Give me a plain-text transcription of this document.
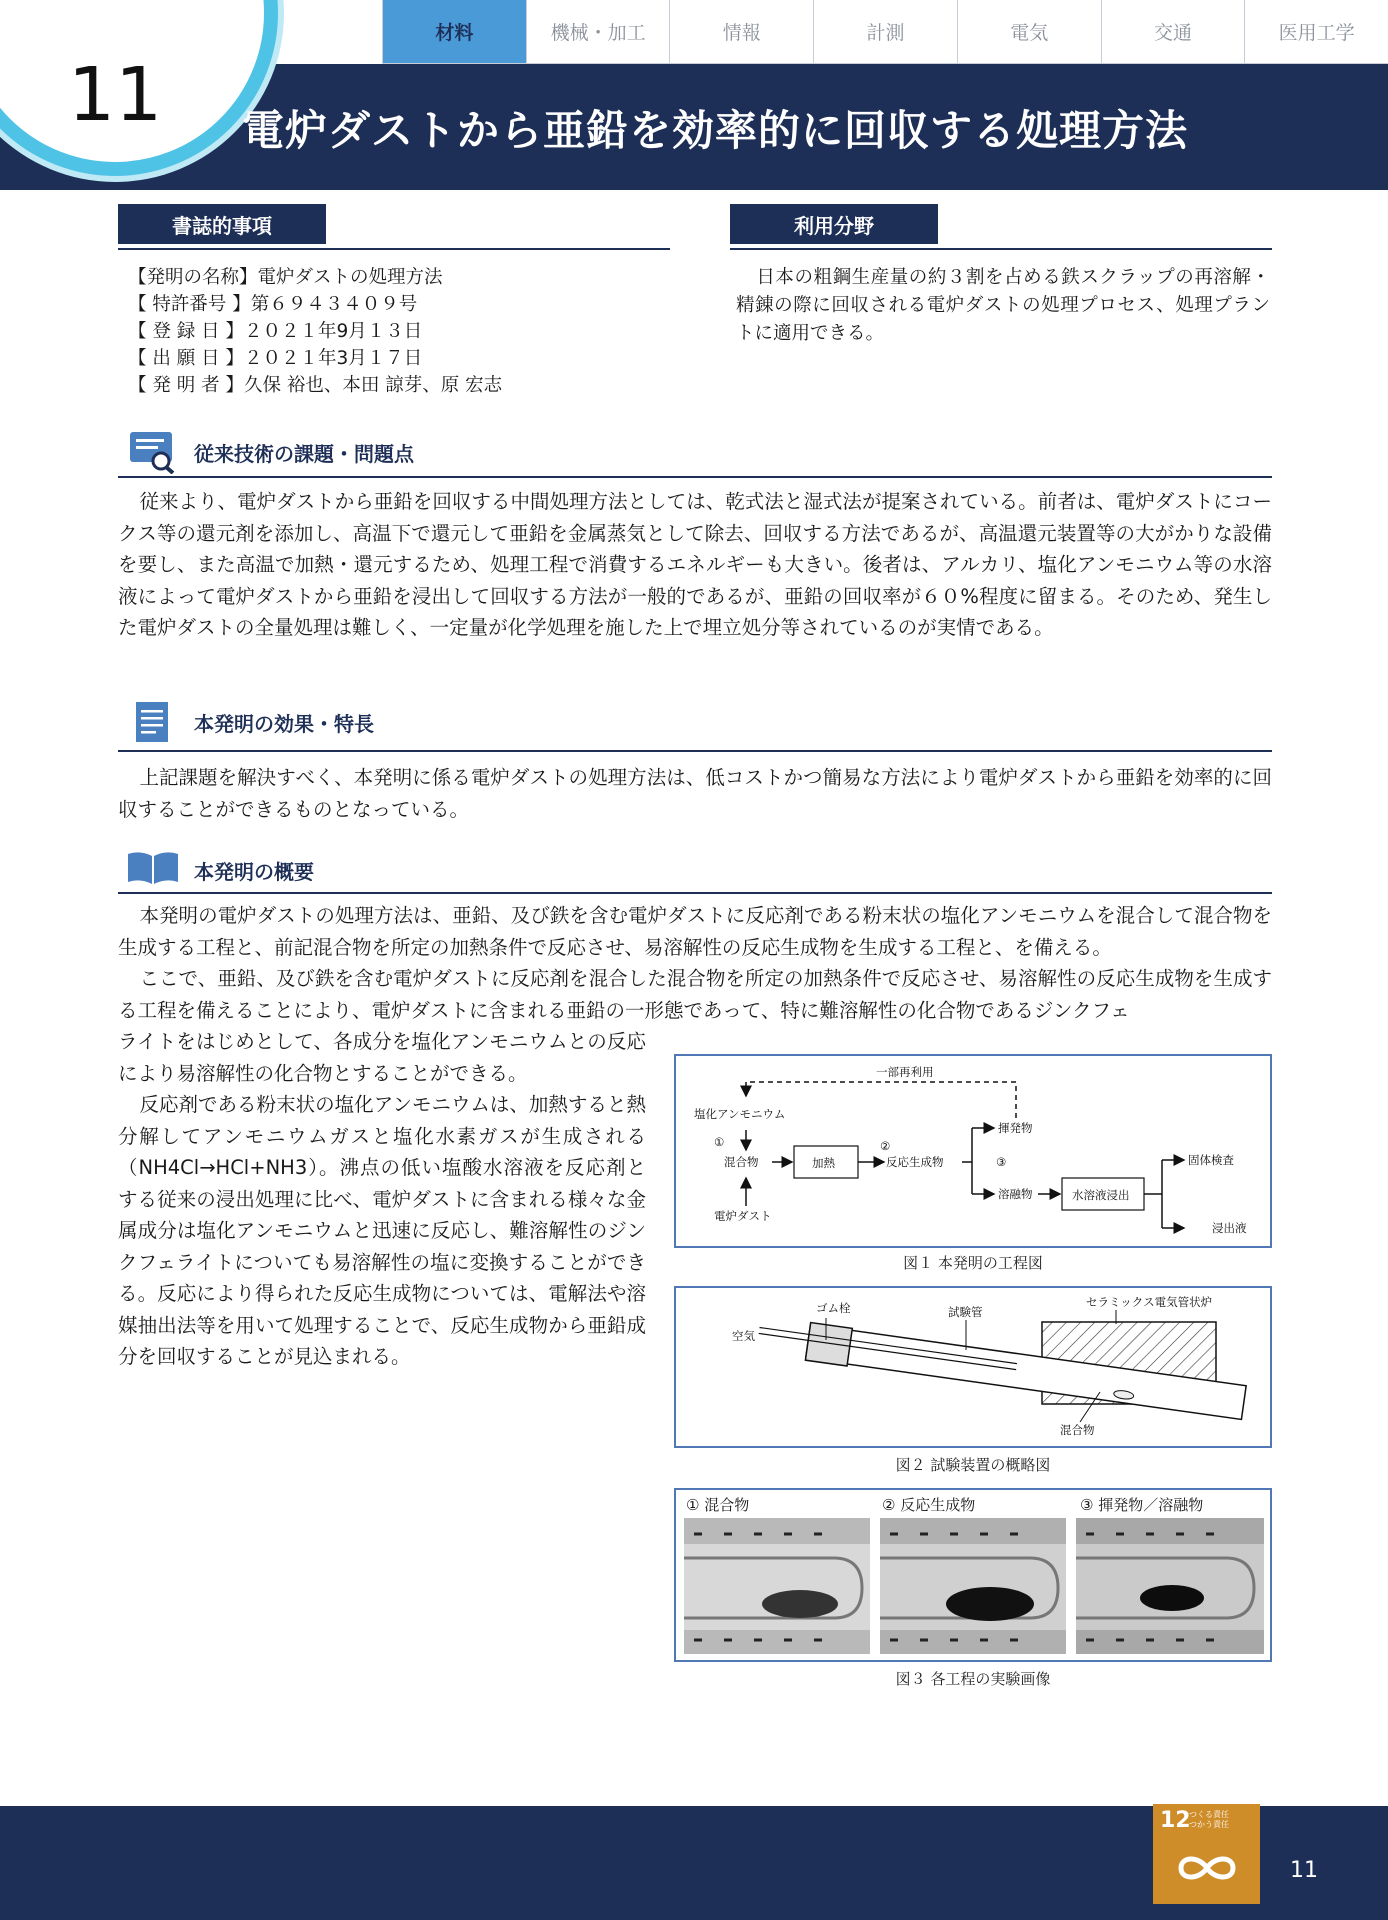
材料	機械・加工	情報	計測	電気	交通	医用工学
11 電炉ダストから亜鉛を効率的に回収する処理方法
書誌的事項
【発明の名称】電炉ダストの処理方法
【 特許番号 】第６９４３４０９号
【 登 録 日 】２０２１年9月１３日
【 出 願 日 】２０２１年3月１７日
【 発 明 者 】久保 裕也、本田 諒芽、原 宏志
利用分野
日本の粗鋼生産量の約３割を占める鉄スクラップの再溶解・精錬の際に回収される電炉ダストの処理プロセス、処理プラントに適用できる。
従来技術の課題・問題点
従来より、電炉ダストから亜鉛を回収する中間処理方法としては、乾式法と湿式法が提案されている。前者は、電炉ダストにコークス等の還元剤を添加し、高温下で還元して亜鉛を金属蒸気として除去、回収する方法であるが、高温還元装置等の大がかりな設備を要し、また高温で加熱・還元するため、処理工程で消費するエネルギーも大きい。後者は、アルカリ、塩化アンモニウム等の水溶液によって電炉ダストから亜鉛を浸出して回収する方法が一般的であるが、亜鉛の回収率が６０%程度に留まる。そのため、発生した電炉ダストの全量処理は難しく、一定量が化学処理を施した上で埋立処分等されているのが実情である。
本発明の効果・特長
上記課題を解決すべく、本発明に係る電炉ダストの処理方法は、低コストかつ簡易な方法により電炉ダストから亜鉛を効率的に回収することができるものとなっている。
本発明の概要
本発明の電炉ダストの処理方法は、亜鉛、及び鉄を含む電炉ダストに反応剤である粉末状の塩化アンモニウムを混合して混合物を生成する工程と、前記混合物を所定の加熱条件で反応させ、易溶解性の反応生成物を生成する工程と、を備える。
ここで、亜鉛、及び鉄を含む電炉ダストに反応剤を混合した混合物を所定の加熱条件で反応させ、易溶解性の反応生成物を生成する工程を備えることにより、電炉ダストに含まれる亜鉛の一形態であって、特に難溶解性の化合物であるジンクフェ
ライトをはじめとして、各成分を塩化アンモニウムとの反応により易溶解性の化合物とすることができる。
反応剤である粉末状の塩化アンモニウムは、加熱すると熱分解してアンモニウムガスと塩化水素ガスが生成される（NH4Cl→HCl+NH3）。沸点の低い塩酸水溶液を反応剤とする従来の浸出処理に比べ、電炉ダストに含まれる様々な金属成分は塩化アンモニウムと迅速に反応し、難溶解性のジンクフェライトについても易溶解性の塩に変換することができる。反応により得られた反応生成物については、電解法や溶媒抽出法等を用いて処理することで、反応生成物から亜鉛成分を回収することが見込まれる。
一部再利用
塩化アンモニウム
①
混合物
電炉ダスト
加熱
②
反応生成物
揮発物
③
溶融物	水溶液浸出
固体検査
浸出液
図１ 本発明の工程図
ゴム栓	試験管
セラミックス電気管状炉
空気
混合物
図２ 試験装置の概略図
① 混合物	② 反応生成物	③ 揮発物／溶融物
図３ 各工程の実験画像
12
つくる責任
つかう責任
11
